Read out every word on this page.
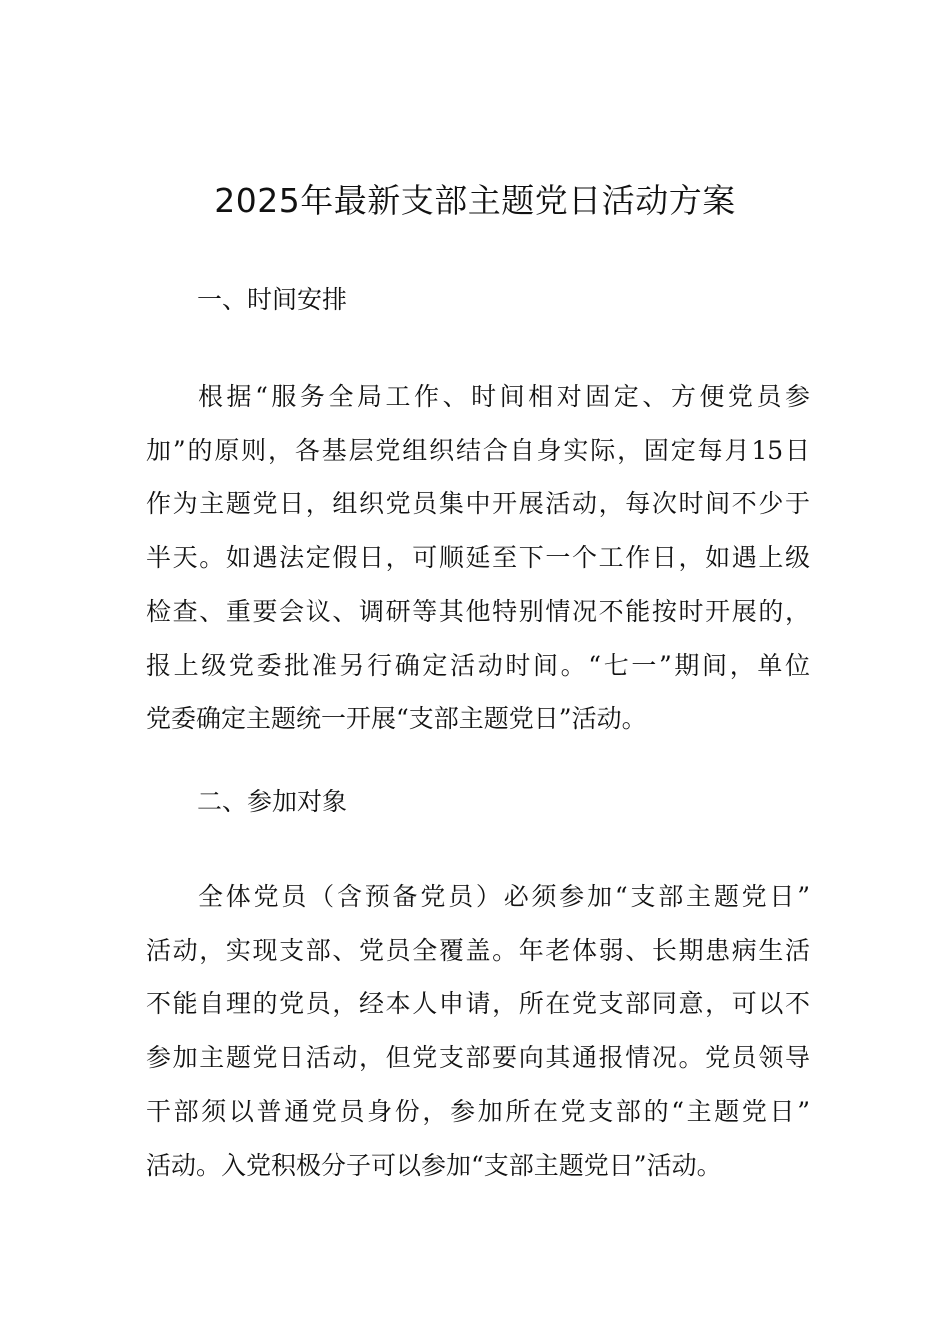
2025年最新支部主题党日活动方案
一、时间安排
根据“服务全局工作、时间相对固定、方便党员参
加”的原则，各基层党组织结合自身实际，固定每月15日
作为主题党日，组织党员集中开展活动，每次时间不少于
半天。如遇法定假日，可顺延至下一个工作日，如遇上级
检查、重要会议、调研等其他特别情况不能按时开展的，
报上级党委批准另行确定活动时间。“七一”期间，单位
党委确定主题统一开展“支部主题党日”活动。
二、参加对象
全体党员（含预备党员）必须参加“支部主题党日”
活动，实现支部、党员全覆盖。年老体弱、长期患病生活
不能自理的党员，经本人申请，所在党支部同意，可以不
参加主题党日活动，但党支部要向其通报情况。党员领导
干部须以普通党员身份，参加所在党支部的“主题党日”
活动。入党积极分子可以参加“支部主题党日”活动。
